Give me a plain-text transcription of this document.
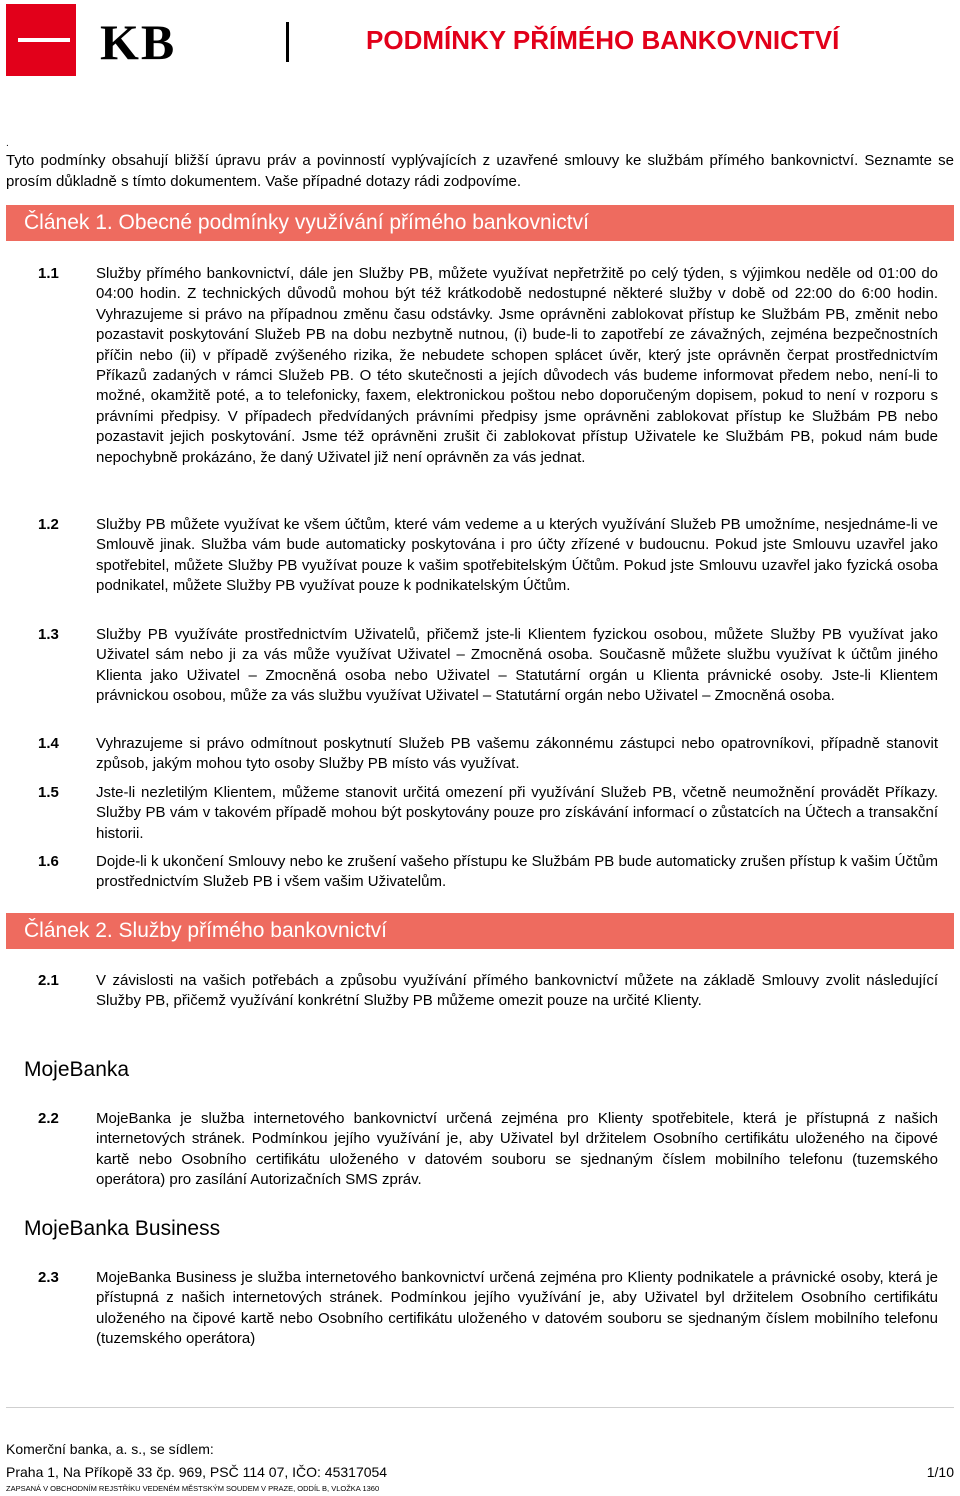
KB	PODMÍNKY PŘÍMÉHO BANKOVNICTVÍ
.
Tyto podmínky obsahují bližší úpravu práv a povinností vyplývajících z uzavřené smlouvy ke službám přímého bankovnictví. Seznamte se prosím důkladně s tímto dokumentem. Vaše případné dotazy rádi zodpovíme.
Článek 1. Obecné podmínky využívání přímého bankovnictví
1.1 Služby přímého bankovnictví, dále jen Služby PB, můžete využívat nepřetržitě po celý týden, s výjimkou neděle od 01:00 do 04:00 hodin. Z technických důvodů mohou být též krátkodobě nedostupné některé služby v době od 22:00 do 6:00 hodin. Vyhrazujeme si právo na případnou změnu času odstávky. Jsme oprávněni zablokovat přístup ke Službám PB, změnit nebo pozastavit poskytování Služeb PB na dobu nezbytně nutnou, (i) bude-li to zapotřebí ze závažných, zejména bezpečnostních příčin nebo (ii) v případě zvýšeného rizika, že nebudete schopen splácet úvěr, který jste oprávněn čerpat prostřednictvím Příkazů zadaných v rámci Služeb PB. O této skutečnosti a jejích důvodech vás budeme informovat předem nebo, není-li to možné, okamžitě poté, a to telefonicky, faxem, elektronickou poštou nebo doporučeným dopisem, pokud to není v rozporu s právními předpisy. V případech předvídaných právními předpisy jsme oprávněni zablokovat přístup ke Službám PB nebo pozastavit jejich poskytování. Jsme též oprávněni zrušit či zablokovat přístup Uživatele ke Službám PB, pokud nám bude nepochybně prokázáno, že daný Uživatel již není oprávněn za vás jednat.
1.2 Služby PB můžete využívat ke všem účtům, které vám vedeme a u kterých využívání Služeb PB umožníme, nesjednáme-li ve Smlouvě jinak. Služba vám bude automaticky poskytována i pro účty zřízené v budoucnu. Pokud jste Smlouvu uzavřel jako spotřebitel, můžete Služby PB využívat pouze k vašim spotřebitelským Účtům. Pokud jste Smlouvu uzavřel jako fyzická osoba podnikatel, můžete Služby PB využívat pouze k podnikatelským Účtům.
1.3 Služby PB využíváte prostřednictvím Uživatelů, přičemž jste-li Klientem fyzickou osobou, můžete Služby PB využívat jako Uživatel sám nebo ji za vás může využívat Uživatel – Zmocněná osoba. Současně můžete službu využívat k účtům jiného Klienta jako Uživatel – Zmocněná osoba nebo Uživatel – Statutární orgán u Klienta právnické osoby. Jste-li Klientem právnickou osobou, může za vás službu využívat Uživatel – Statutární orgán nebo Uživatel – Zmocněná osoba.
1.4 Vyhrazujeme si právo odmítnout poskytnutí Služeb PB vašemu zákonnému zástupci nebo opatrovníkovi, případně stanovit způsob, jakým mohou tyto osoby Služby PB místo vás využívat.
1.5 Jste-li nezletilým Klientem, můžeme stanovit určitá omezení při využívání Služeb PB, včetně neumožnění provádět Příkazy. Služby PB vám v takovém případě mohou být poskytovány pouze pro získávání informací o zůstatcích na Účtech a transakční historii.
1.6 Dojde-li k ukončení Smlouvy nebo ke zrušení vašeho přístupu ke Službám PB bude automaticky zrušen přístup k vašim Účtům prostřednictvím Služeb PB i všem vašim Uživatelům.
Článek 2. Služby přímého bankovnictví
2.1 V závislosti na vašich potřebách a způsobu využívání přímého bankovnictví můžete na základě Smlouvy zvolit následující Služby PB, přičemž využívání konkrétní Služby PB můžeme omezit pouze na určité Klienty.
MojeBanka
2.2 MojeBanka je služba internetového bankovnictví určená zejména pro Klienty spotřebitele, která je přístupná z našich internetových stránek. Podmínkou jejího využívání je, aby Uživatel byl držitelem Osobního certifikátu uloženého na čipové kartě nebo Osobního certifikátu uloženého v datovém souboru se sjednaným číslem mobilního telefonu (tuzemského operátora) pro zasílání Autorizačních SMS zpráv.
MojeBanka Business
2.3 MojeBanka Business je služba internetového bankovnictví určená zejména pro Klienty podnikatele a právnické osoby, která je přístupná z našich internetových stránek. Podmínkou jejího využívání je, aby Uživatel byl držitelem Osobního certifikátu uloženého na čipové kartě nebo Osobního certifikátu uloženého v datovém souboru se sjednaným číslem mobilního telefonu (tuzemského operátora)
Komerční banka, a. s., se sídlem:
Praha 1, Na Příkopě 33 čp. 969, PSČ 114 07, IČO: 45317054	1/10
ZAPSANÁ V OBCHODNÍM REJSTŘÍKU VEDENÉM MĚSTSKÝM SOUDEM V PRAZE, ODDÍL B, VLOŽKA 1360
